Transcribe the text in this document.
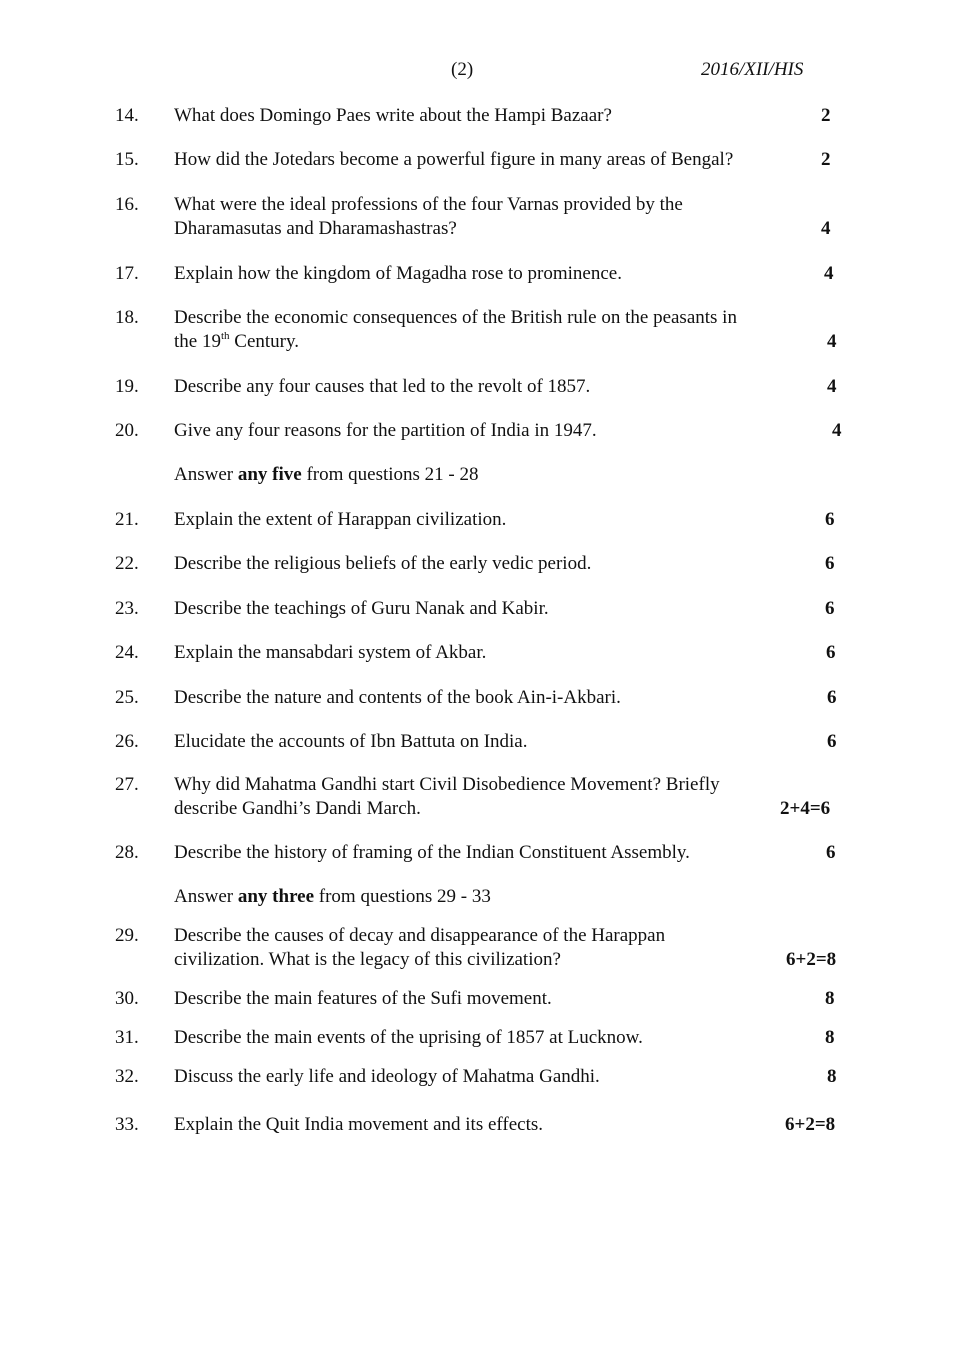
(2)	2016/XII/HIS
14. What does Domingo Paes write about the Hampi Bazaar?	2
15. How did the Jotedars become a powerful figure in many areas of Bengal?	2
16. What were the ideal professions of the four Varnas provided by the
Dharamasutas and Dharamashastras?	4
17. Explain how the kingdom of Magadha rose to prominence.	4
18. Describe the economic consequences of the British rule on the peasants in
the 19th Century.	4
19. Describe any four causes that led to the revolt of 1857.	4
20. Give any four reasons for the partition of India in 1947.	4
Answer any five from questions 21 - 28
21. Explain the extent of Harappan civilization.	6
22. Describe the religious beliefs of the early vedic period.	6
23. Describe the teachings of Guru Nanak and Kabir.	6
24. Explain the mansabdari system of Akbar.	6
25. Describe the nature and contents of the book Ain-i-Akbari.	6
26. Elucidate the accounts of Ibn Battuta on India.	6
27. Why did Mahatma Gandhi start Civil Disobedience Movement? Briefly
describe Gandhi’s Dandi March.	2+4=6
28. Describe the history of framing of the Indian Constituent Assembly.	6
Answer any three from questions 29 - 33
29. Describe the causes of decay and disappearance of the Harappan
civilization. What is the legacy of this civilization?	6+2=8
30. Describe the main features of the Sufi movement.	8
31. Describe the main events of the uprising of 1857 at Lucknow.	8
32. Discuss the early life and ideology of Mahatma Gandhi.	8
33. Explain the Quit India movement and its effects.	6+2=8
